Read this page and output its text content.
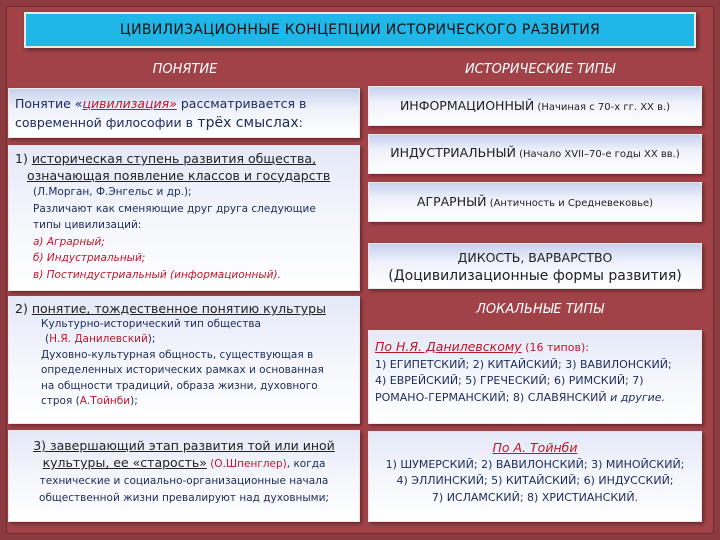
ЦИВИЛИЗАЦИОННЫЕ КОНЦЕПЦИИ ИСТОРИЧЕСКОГО РАЗВИТИЯ
ПОНЯТИЕ	ИСТОРИЧЕСКИЕ ТИПЫ
Понятие «цивилизация» рассматривается в
современной философии в трёх смыслах:
1) историческая ступень развития общества,
означающая появление классов и государств
(Л.Морган, Ф.Энгельс и др.);
Различают как сменяющие друг друга следующие
типы цивилизаций:
а) Аграрный;
б) Индустриальный;
в) Постиндустриальный (информационный).
2) понятие, тождественное понятию культуры
Культурно-исторический тип общества
(Н.Я. Данилевский);
Духовно-культурная общность, существующая в
определенных исторических рамках и основанная
на общности традиций, образа жизни, духовного
строя (А.Тойнби);
3) завершающий этап развития той или иной
культуры, ее «старость» (О.Шпенглер), когда
технические и социально-организационные начала
общественной жизни превалируют над духовными;
ИНФОРМАЦИОННЫЙ (Начиная с 70-х гг. XX в.)
ИНДУСТРИАЛЬНЫЙ (Начало XVII–70-е годы XX вв.)
АГРАРНЫЙ (Античность и Средневековье)
ДИКОСТЬ, ВАРВАРСТВО
(Доцивилизационные формы развития)
ЛОКАЛЬНЫЕ ТИПЫ
По Н.Я. Данилевскому (16 типов):
1) ЕГИПЕТСКИЙ; 2) КИТАЙСКИЙ; 3) ВАВИЛОНСКИЙ;
4) ЕВРЕЙСКИЙ; 5) ГРЕЧЕСКИЙ; 6) РИМСКИЙ; 7)
РОМАНО-ГЕРМАНСКИЙ; 8) СЛАВЯНСКИЙ и другие.
По А. Тойнби
1) ШУМЕРСКИЙ; 2) ВАВИЛОНСКИЙ; 3) МИНОЙСКИЙ;
4) ЭЛЛИНСКИЙ; 5) КИТАЙСКИЙ; 6) ИНДУССКИЙ;
7) ИСЛАМСКИЙ; 8) ХРИСТИАНСКИЙ.
